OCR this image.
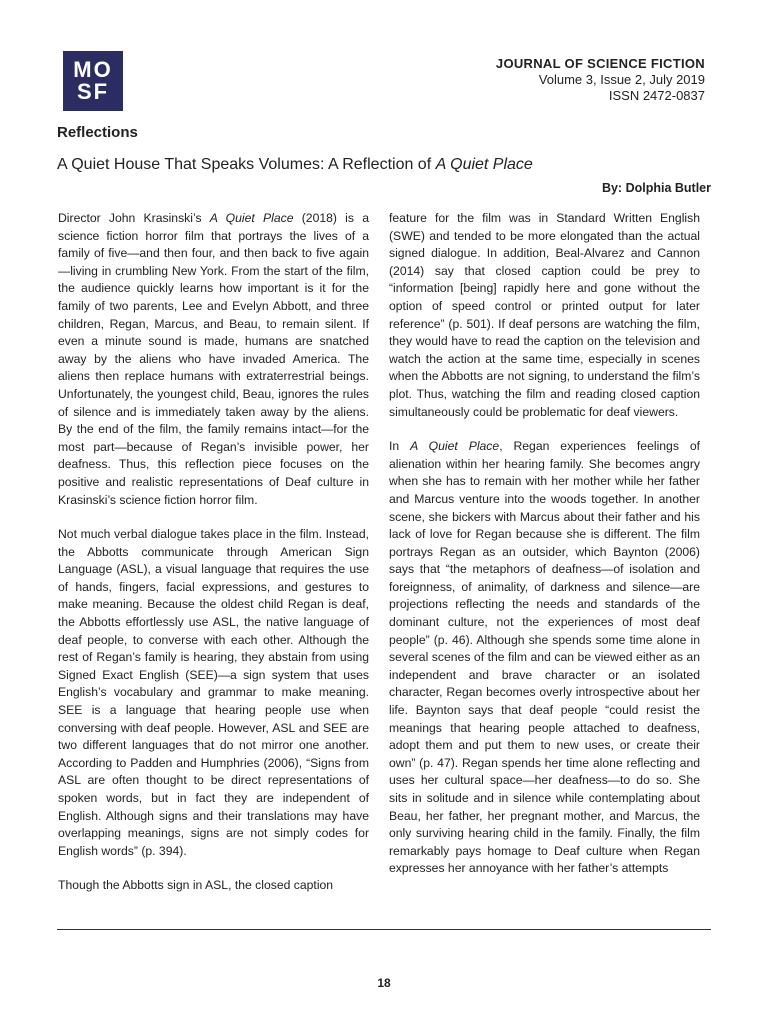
MO
SF
JOURNAL OF SCIENCE FICTION
Volume 3, Issue 2, July 2019
ISSN 2472-0837
Reflections
A Quiet House That Speaks Volumes: A Reflection of A Quiet Place
By: Dolphia Butler

Director John Krasinski’s A Quiet Place (2018) is a science fiction horror film that portrays the lives of a family of five—and then four, and then back to five again—living in crumbling New York. From the start of the film, the audience quickly learns how important is it for the family of two parents, Lee and Evelyn Abbott, and three children, Regan, Marcus, and Beau, to remain silent. If even a minute sound is made, humans are snatched away by the aliens who have invaded America. The aliens then replace humans with extraterrestrial beings. Unfortunately, the youngest child, Beau, ignores the rules of silence and is immediately taken away by the aliens. By the end of the film, the family remains intact—for the most part—because of Regan’s invisible power, her deafness. Thus, this reflection piece focuses on the positive and realistic representations of Deaf culture in Krasinski’s science fiction horror film.

Not much verbal dialogue takes place in the film. Instead, the Abbotts communicate through American Sign Language (ASL), a visual language that requires the use of hands, fingers, facial expressions, and gestures to make meaning. Because the oldest child Regan is deaf, the Abbotts effortlessly use ASL, the native language of deaf people, to converse with each other. Although the rest of Regan’s family is hearing, they abstain from using Signed Exact English (SEE)—a sign system that uses English’s vocabulary and grammar to make meaning. SEE is a language that hearing people use when conversing with deaf people. However, ASL and SEE are two different languages that do not mirror one another. According to Padden and Humphries (2006), “Signs from ASL are often thought to be direct representations of spoken words, but in fact they are independent of English. Although signs and their translations may have overlapping meanings, signs are not simply codes for English words” (p. 394).

Though the Abbotts sign in ASL, the closed caption

feature for the film was in Standard Written English (SWE) and tended to be more elongated than the actual signed dialogue. In addition, Beal-Alvarez and Cannon (2014) say that closed caption could be prey to “information [being] rapidly here and gone without the option of speed control or printed output for later reference” (p. 501). If deaf persons are watching the film, they would have to read the caption on the television and watch the action at the same time, especially in scenes when the Abbotts are not signing, to understand the film’s plot. Thus, watching the film and reading closed caption simultaneously could be problematic for deaf viewers.

In A Quiet Place, Regan experiences feelings of alienation within her hearing family. She becomes angry when she has to remain with her mother while her father and Marcus venture into the woods together. In another scene, she bickers with Marcus about their father and his lack of love for Regan because she is different. The film portrays Regan as an outsider, which Baynton (2006) says that “the metaphors of deafness—of isolation and foreignness, of animality, of darkness and silence—are projections reflecting the needs and standards of the dominant culture, not the experiences of most deaf people” (p. 46). Although she spends some time alone in several scenes of the film and can be viewed either as an independent and brave character or an isolated character, Regan becomes overly introspective about her life. Baynton says that deaf people “could resist the meanings that hearing people attached to deafness, adopt them and put them to new uses, or create their own” (p. 47). Regan spends her time alone reflecting and uses her cultural space—her deafness—to do so. She sits in solitude and in silence while contemplating about Beau, her father, her pregnant mother, and Marcus, the only surviving hearing child in the family. Finally, the film remarkably pays homage to Deaf culture when Regan expresses her annoyance with her father’s attempts

18
